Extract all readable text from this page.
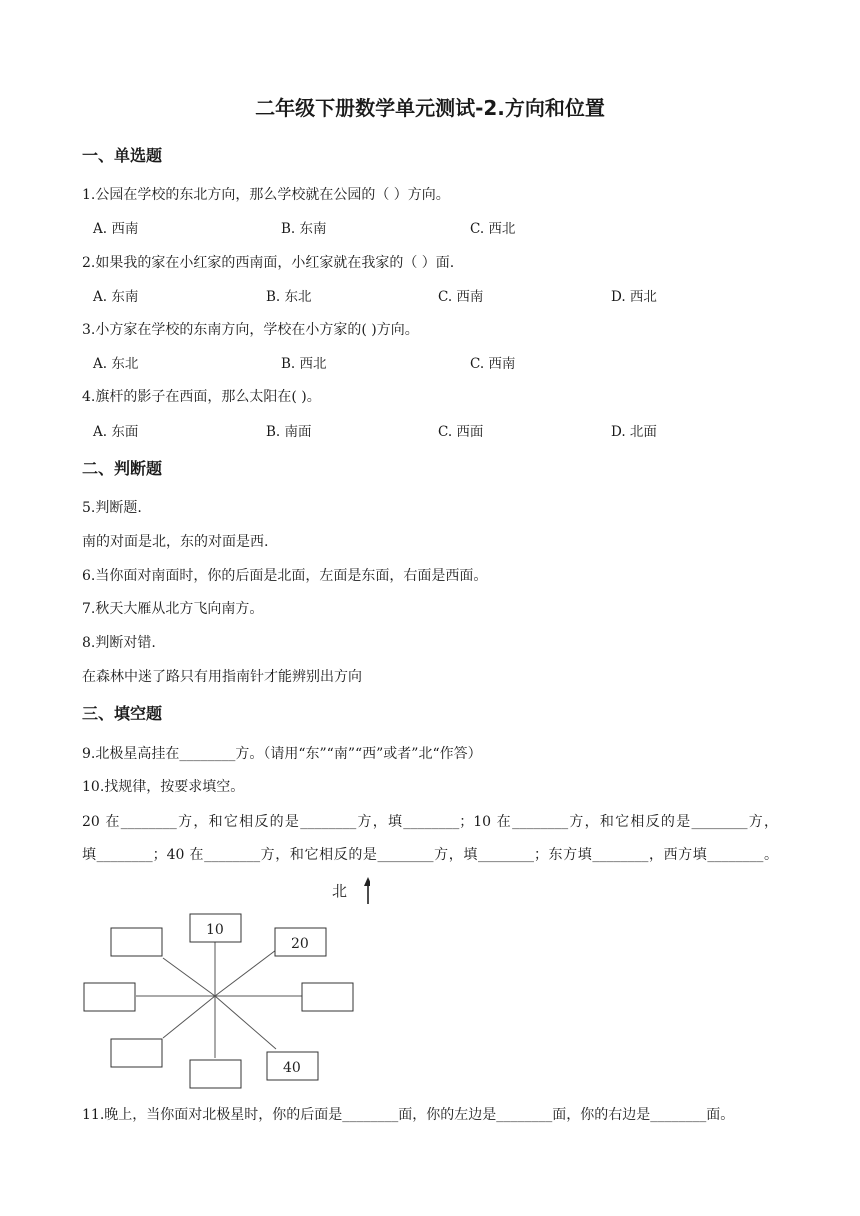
二年级下册数学单元测试-2.方向和位置
一、单选题
1.公园在学校的东北方向，那么学校就在公园的（ ）方向。
A. 西南	B. 东南	C. 西北
2.如果我的家在小红家的西南面，小红家就在我家的（ ）面.
A. 东南	B. 东北	C. 西南	D. 西北
3.小方家在学校的东南方向，学校在小方家的( )方向。
A. 东北	B. 西北	C. 西南
4.旗杆的影子在西面，那么太阳在( )。
A. 东面	B. 南面	C. 西面	D. 北面
二、判断题
5.判断题.
南的对面是北，东的对面是西.
6.当你面对南面时，你的后面是北面，左面是东面，右面是西面。
7.秋天大雁从北方飞向南方。
8.判断对错.
在森林中迷了路只有用指南针才能辨别出方向
三、填空题
9.北极星高挂在________方。（请用“东”“南”“西”或者”北“作答）
10.找规律，按要求填空。
20 在________方，和它相反的是________方，填________；10 在________方，和它相反的是________方，
填________；40 在________方，和它相反的是________方，填________；东方填________，西方填________。
10
20
40
北
11.晚上，当你面对北极星时，你的后面是________面，你的左边是________面，你的右边是________面。
